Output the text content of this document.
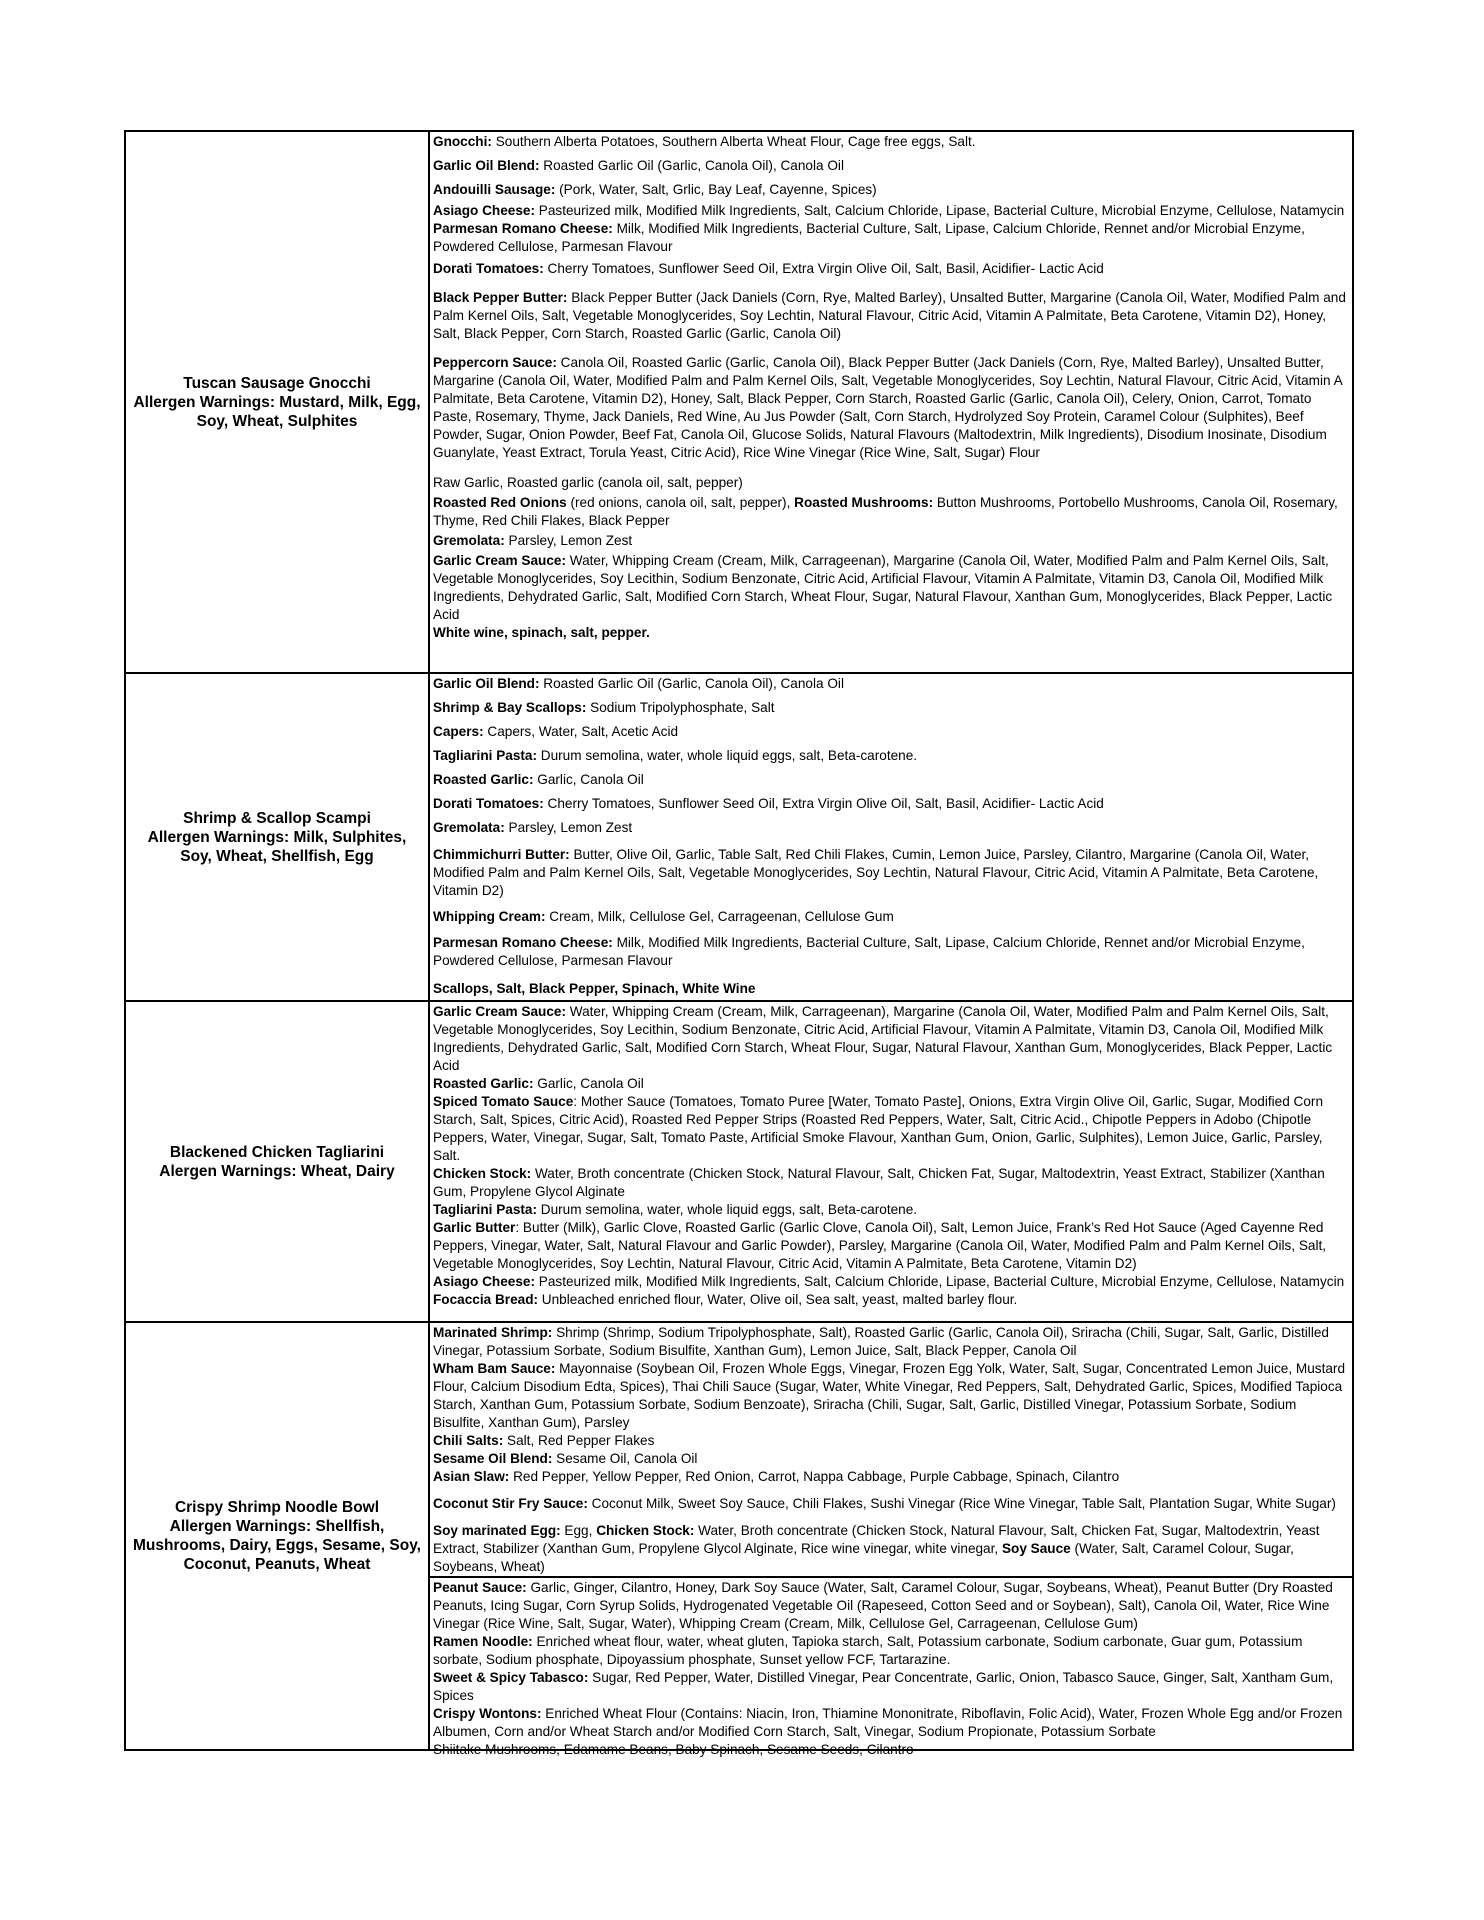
Tuscan Sausage Gnocchi
Allergen Warnings: Mustard, Milk, Egg, Soy, Wheat, Sulphites

Gnocchi: Southern Alberta Potatoes, Southern Alberta Wheat Flour, Cage free eggs, Salt.

Garlic Oil Blend: Roasted Garlic Oil (Garlic, Canola Oil), Canola Oil

Andouilli Sausage: (Pork, Water, Salt, Grlic, Bay Leaf, Cayenne, Spices)

Asiago Cheese: Pasteurized milk, Modified Milk Ingredients, Salt, Calcium Chloride, Lipase, Bacterial Culture, Microbial Enzyme, Cellulose, Natamycin

Parmesan Romano Cheese: Milk, Modified Milk Ingredients, Bacterial Culture, Salt, Lipase, Calcium Chloride, Rennet and/or Microbial Enzyme, Powdered Cellulose, Parmesan Flavour

Dorati Tomatoes: Cherry Tomatoes, Sunflower Seed Oil, Extra Virgin Olive Oil, Salt, Basil, Acidifier- Lactic Acid

Black Pepper Butter: Black Pepper Butter (Jack Daniels (Corn, Rye, Malted Barley), Unsalted Butter, Margarine (Canola Oil, Water, Modified Palm and Palm Kernel Oils, Salt, Vegetable Monoglycerides, Soy Lechtin, Natural Flavour, Citric Acid, Vitamin A Palmitate, Beta Carotene, Vitamin D2), Honey, Salt, Black Pepper, Corn Starch, Roasted Garlic (Garlic, Canola Oil)

Peppercorn Sauce: Canola Oil, Roasted Garlic (Garlic, Canola Oil), Black Pepper Butter (Jack Daniels (Corn, Rye, Malted Barley), Unsalted Butter, Margarine (Canola Oil, Water, Modified Palm and Palm Kernel Oils, Salt, Vegetable Monoglycerides, Soy Lechtin, Natural Flavour, Citric Acid, Vitamin A Palmitate, Beta Carotene, Vitamin D2), Honey, Salt, Black Pepper, Corn Starch, Roasted Garlic (Garlic, Canola Oil), Celery, Onion, Carrot, Tomato Paste, Rosemary, Thyme, Jack Daniels, Red Wine, Au Jus Powder (Salt, Corn Starch, Hydrolyzed Soy Protein, Caramel Colour (Sulphites), Beef Powder, Sugar, Onion Powder, Beef Fat, Canola Oil, Glucose Solids, Natural Flavours (Maltodextrin, Milk Ingredients), Disodium Inosinate, Disodium Guanylate, Yeast Extract, Torula Yeast, Citric Acid), Rice Wine Vinegar (Rice Wine, Salt, Sugar) Flour

Raw Garlic, Roasted garlic (canola oil, salt, pepper)

Roasted Red Onions (red onions, canola oil, salt, pepper), Roasted Mushrooms: Button Mushrooms, Portobello Mushrooms, Canola Oil, Rosemary, Thyme, Red Chili Flakes, Black Pepper

Gremolata: Parsley, Lemon Zest

Garlic Cream Sauce: Water, Whipping Cream (Cream, Milk, Carrageenan), Margarine (Canola Oil, Water, Modified Palm and Palm Kernel Oils, Salt, Vegetable Monoglycerides, Soy Lecithin, Sodium Benzonate, Citric Acid, Artificial Flavour, Vitamin A Palmitate, Vitamin D3, Canola Oil, Modified Milk Ingredients, Dehydrated Garlic, Salt, Modified Corn Starch, Wheat Flour, Sugar, Natural Flavour, Xanthan Gum, Monoglycerides, Black Pepper, Lactic Acid

White wine, spinach, salt, pepper.

Shrimp & Scallop Scampi
Allergen Warnings: Milk, Sulphites, Soy, Wheat, Shellfish, Egg

Garlic Oil Blend: Roasted Garlic Oil (Garlic, Canola Oil), Canola Oil

Shrimp & Bay Scallops: Sodium Tripolyphosphate, Salt

Capers: Capers, Water, Salt, Acetic Acid

Tagliarini Pasta: Durum semolina, water, whole liquid eggs, salt, Beta-carotene.

Roasted Garlic: Garlic, Canola Oil

Dorati Tomatoes: Cherry Tomatoes, Sunflower Seed Oil, Extra Virgin Olive Oil, Salt, Basil, Acidifier- Lactic Acid

Gremolata: Parsley, Lemon Zest

Chimmichurri Butter: Butter, Olive Oil, Garlic, Table Salt, Red Chili Flakes, Cumin, Lemon Juice, Parsley, Cilantro, Margarine (Canola Oil, Water, Modified Palm and Palm Kernel Oils, Salt, Vegetable Monoglycerides, Soy Lechtin, Natural Flavour, Citric Acid, Vitamin A Palmitate, Beta Carotene, Vitamin D2)

Whipping Cream: Cream, Milk, Cellulose Gel, Carrageenan, Cellulose Gum

Parmesan Romano Cheese: Milk, Modified Milk Ingredients, Bacterial Culture, Salt, Lipase, Calcium Chloride, Rennet and/or Microbial Enzyme, Powdered Cellulose, Parmesan Flavour

Scallops, Salt, Black Pepper, Spinach, White Wine

Blackened Chicken Tagliarini
Alergen Warnings: Wheat, Dairy

Garlic Cream Sauce: Water, Whipping Cream (Cream, Milk, Carrageenan), Margarine (Canola Oil, Water, Modified Palm and Palm Kernel Oils, Salt, Vegetable Monoglycerides, Soy Lecithin, Sodium Benzonate, Citric Acid, Artificial Flavour, Vitamin A Palmitate, Vitamin D3, Canola Oil, Modified Milk Ingredients, Dehydrated Garlic, Salt, Modified Corn Starch, Wheat Flour, Sugar, Natural Flavour, Xanthan Gum, Monoglycerides, Black Pepper, Lactic Acid

Roasted Garlic: Garlic, Canola Oil

Spiced Tomato Sauce: Mother Sauce (Tomatoes, Tomato Puree [Water, Tomato Paste], Onions, Extra Virgin Olive Oil, Garlic, Sugar, Modified Corn Starch, Salt, Spices, Citric Acid), Roasted Red Pepper Strips (Roasted Red Peppers, Water, Salt, Citric Acid., Chipotle Peppers in Adobo (Chipotle Peppers, Water, Vinegar, Sugar, Salt, Tomato Paste, Artificial Smoke Flavour, Xanthan Gum, Onion, Garlic, Sulphites), Lemon Juice, Garlic, Parsley, Salt.

Chicken Stock: Water, Broth concentrate (Chicken Stock, Natural Flavour, Salt, Chicken Fat, Sugar, Maltodextrin, Yeast Extract, Stabilizer (Xanthan Gum, Propylene Glycol Alginate

Tagliarini Pasta: Durum semolina, water, whole liquid eggs, salt, Beta-carotene.

Garlic Butter: Butter (Milk), Garlic Clove, Roasted Garlic (Garlic Clove, Canola Oil), Salt, Lemon Juice, Frank’s Red Hot Sauce (Aged Cayenne Red Peppers, Vinegar, Water, Salt, Natural Flavour and Garlic Powder), Parsley, Margarine (Canola Oil, Water, Modified Palm and Palm Kernel Oils, Salt, Vegetable Monoglycerides, Soy Lechtin, Natural Flavour, Citric Acid, Vitamin A Palmitate, Beta Carotene, Vitamin D2)

Asiago Cheese: Pasteurized milk, Modified Milk Ingredients, Salt, Calcium Chloride, Lipase, Bacterial Culture, Microbial Enzyme, Cellulose, Natamycin

Focaccia Bread: Unbleached enriched flour, Water, Olive oil, Sea salt, yeast, malted barley flour.

Crispy Shrimp Noodle Bowl
Allergen Warnings: Shellfish, Mushrooms, Dairy, Eggs, Sesame, Soy, Coconut, Peanuts, Wheat

Marinated Shrimp: Shrimp (Shrimp, Sodium Tripolyphosphate, Salt), Roasted Garlic (Garlic, Canola Oil), Sriracha (Chili, Sugar, Salt, Garlic, Distilled Vinegar, Potassium Sorbate, Sodium Bisulfite, Xanthan Gum), Lemon Juice, Salt, Black Pepper, Canola Oil

Wham Bam Sauce: Mayonnaise (Soybean Oil, Frozen Whole Eggs, Vinegar, Frozen Egg Yolk, Water, Salt, Sugar, Concentrated Lemon Juice, Mustard Flour, Calcium Disodium Edta, Spices), Thai Chili Sauce (Sugar, Water, White Vinegar, Red Peppers, Salt, Dehydrated Garlic, Spices, Modified Tapioca Starch, Xanthan Gum, Potassium Sorbate, Sodium Benzoate), Sriracha (Chili, Sugar, Salt, Garlic, Distilled Vinegar, Potassium Sorbate, Sodium Bisulfite, Xanthan Gum), Parsley

Chili Salts: Salt, Red Pepper Flakes

Sesame Oil Blend: Sesame Oil, Canola Oil

Asian Slaw: Red Pepper, Yellow Pepper, Red Onion, Carrot, Nappa Cabbage, Purple Cabbage, Spinach, Cilantro

Coconut Stir Fry Sauce: Coconut Milk, Sweet Soy Sauce, Chili Flakes, Sushi Vinegar (Rice Wine Vinegar, Table Salt, Plantation Sugar, White Sugar)

Soy marinated Egg: Egg, Chicken Stock: Water, Broth concentrate (Chicken Stock, Natural Flavour, Salt, Chicken Fat, Sugar, Maltodextrin, Yeast Extract, Stabilizer (Xanthan Gum, Propylene Glycol Alginate, Rice wine vinegar, white vinegar, Soy Sauce (Water, Salt, Caramel Colour, Sugar, Soybeans, Wheat)

Peanut Sauce: Garlic, Ginger, Cilantro, Honey, Dark Soy Sauce (Water, Salt, Caramel Colour, Sugar, Soybeans, Wheat), Peanut Butter (Dry Roasted Peanuts, Icing Sugar, Corn Syrup Solids, Hydrogenated Vegetable Oil (Rapeseed, Cotton Seed and or Soybean), Salt), Canola Oil, Water, Rice Wine Vinegar (Rice Wine, Salt, Sugar, Water), Whipping Cream (Cream, Milk, Cellulose Gel, Carrageenan, Cellulose Gum)

Ramen Noodle: Enriched wheat flour, water, wheat gluten, Tapioka starch, Salt, Potassium carbonate, Sodium carbonate, Guar gum, Potassium sorbate, Sodium phosphate, Dipoyassium phosphate, Sunset yellow FCF, Tartarazine.

Sweet & Spicy Tabasco: Sugar, Red Pepper, Water, Distilled Vinegar, Pear Concentrate, Garlic, Onion, Tabasco Sauce, Ginger, Salt, Xantham Gum, Spices

Crispy Wontons: Enriched Wheat Flour (Contains: Niacin, Iron, Thiamine Mononitrate, Riboflavin, Folic Acid), Water, Frozen Whole Egg and/or Frozen Albumen, Corn and/or Wheat Starch and/or Modified Corn Starch, Salt, Vinegar, Sodium Propionate, Potassium Sorbate

Shiitake Mushrooms, Edamame Beans, Baby Spinach, Sesame Seeds, Cilantro
